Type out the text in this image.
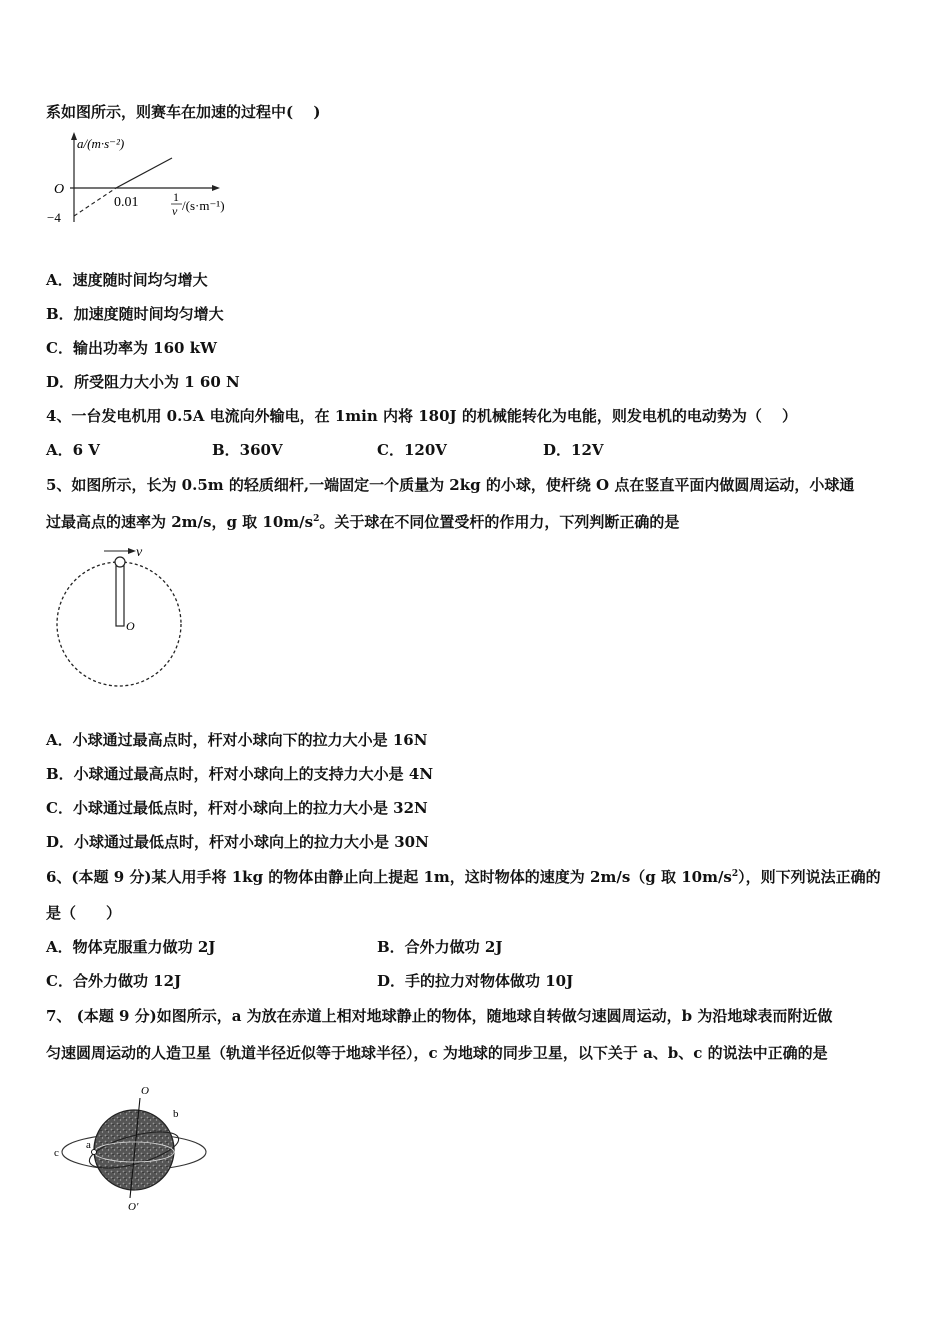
系如图所示，则赛车在加速的过程中(　 )
a/(m·s⁻²)
O
−4
0.01	1
v /(s·m⁻¹)
A．速度随时间均匀增大
B．加速度随时间均匀增大
C．输出功率为 160 kW
D．所受阻力大小为 1 60 N
4、一台发电机用 0.5A 电流向外输电，在 1min 内将 180J 的机械能转化为电能，则发电机的电动势为（　 ）
A．6 V	B．360V	C．120V	D．12V
5、如图所示，长为 0.5m 的轻质细杆,一端固定一个质量为 2kg 的小球，使杆绕 O 点在竖直平面内做圆周运动，小球通
过最高点的速率为 2m/s，g 取 $10m/s^2$。关于球在不同位置受杆的作用力，下列判断正确的是
v
O
A．小球通过最高点时，杆对小球向下的拉力大小是 16N
B．小球通过最高点时，杆对小球向上的支持力大小是 4N
C．小球通过最低点时，杆对小球向上的拉力大小是 32N
D．小球通过最低点时，杆对小球向上的拉力大小是 30N
6、(本题 9 分)某人用手将 1kg 的物体由静止向上提起 1m，这时物体的速度为 2m/s（g 取 $10m/s^2$），则下列说法正确的
是（　　）
A．物体克服重力做功 2J	B．合外力做功 2J
C．合外力做功 12J	D．手的拉力对物体做功 10J
7、 (本题 9 分)如图所示，a 为放在赤道上相对地球静止的物体，随地球自转做匀速圆周运动，b 为沿地球表而附近做
匀速圆周运动的人造卫星（轨道半径近似等于地球半径），c 为地球的同步卫星，以下关于 a、b、c 的说法中正确的是
O
b
a
c
O′
